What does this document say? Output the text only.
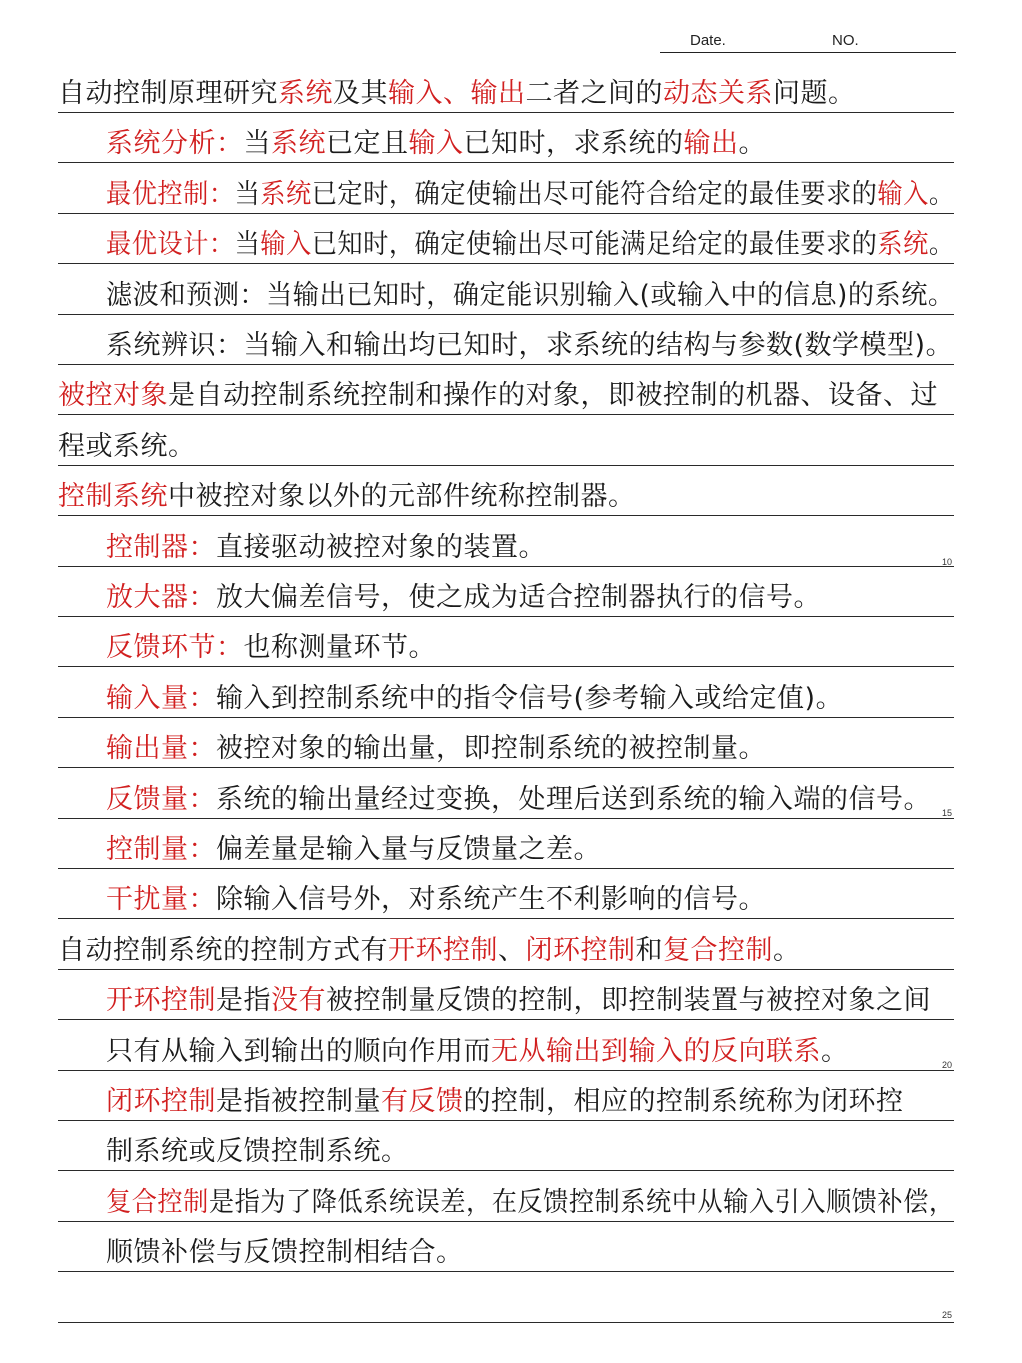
Date.	NO.
自动控制原理研究系统及其输入、输出二者之间的动态关系问题。
系统分析：当系统已定且输入已知时，求系统的输出。
最优控制：当系统已定时，确定使输出尽可能符合给定的最佳要求的输入。
最优设计：当输入已知时，确定使输出尽可能满足给定的最佳要求的系统。
滤波和预测：当输出已知时，确定能识别输入(或输入中的信息)的系统。
系统辨识：当输入和输出均已知时，求系统的结构与参数(数学模型)。
被控对象是自动控制系统控制和操作的对象，即被控制的机器、设备、过
程或系统。
控制系统中被控对象以外的元部件统称控制器。
控制器：直接驱动被控对象的装置。
放大器：放大偏差信号，使之成为适合控制器执行的信号。
反馈环节：也称测量环节。
输入量：输入到控制系统中的指令信号(参考输入或给定值)。
输出量：被控对象的输出量，即控制系统的被控制量。
反馈量：系统的输出量经过变换，处理后送到系统的输入端的信号。
控制量：偏差量是输入量与反馈量之差。
干扰量：除输入信号外，对系统产生不利影响的信号。
自动控制系统的控制方式有开环控制、闭环控制和复合控制。
开环控制是指没有被控制量反馈的控制，即控制装置与被控对象之间
只有从输入到输出的顺向作用而无从输出到输入的反向联系。
闭环控制是指被控制量有反馈的控制，相应的控制系统称为闭环控
制系统或反馈控制系统。
复合控制是指为了降低系统误差，在反馈控制系统中从输入引入顺馈补偿，
顺馈补偿与反馈控制相结合。
10
15
20
25
